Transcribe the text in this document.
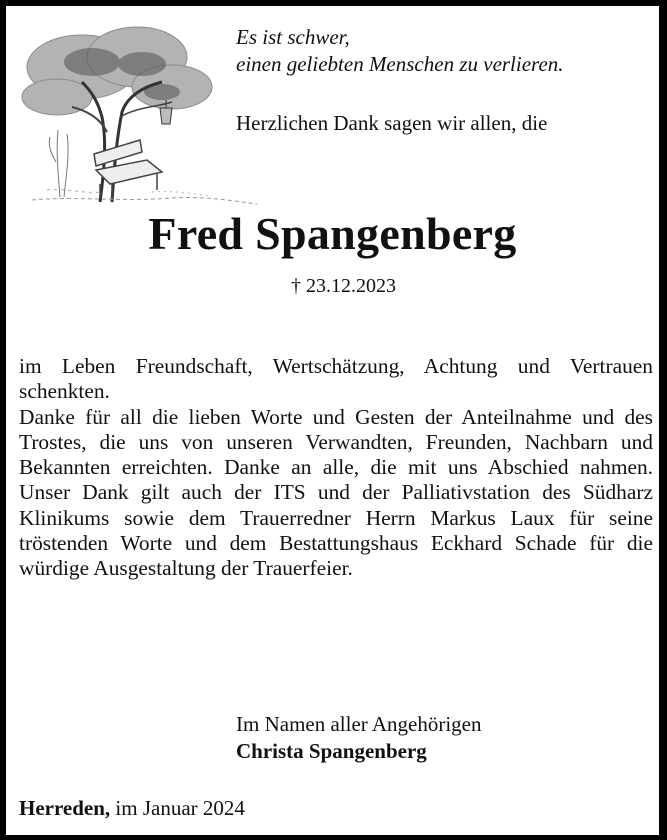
Es ist schwer,
einen geliebten Menschen zu verlieren.
Herzlichen Dank sagen wir allen, die
Fred Spangenberg
† 23.12.2023

im Leben Freundschaft, Wertschätzung, Achtung und Vertrauen schenkten.

Danke für all die lieben Worte und Gesten der Anteilnahme und des Trostes, die uns von unseren Verwandten, Freunden, Nachbarn und Bekannten erreichten. Danke an alle, die mit uns Abschied nahmen. Unser Dank gilt auch der ITS und der Palliativstation des Südharz Klinikums sowie dem Trauerredner Herrn Markus Laux für seine tröstenden Worte und dem Bestattungshaus Eckhard Schade für die würdige Ausgestaltung der Trauerfeier.

Im Namen aller Angehörigen
Christa Spangenberg
Herreden, im Januar 2024
